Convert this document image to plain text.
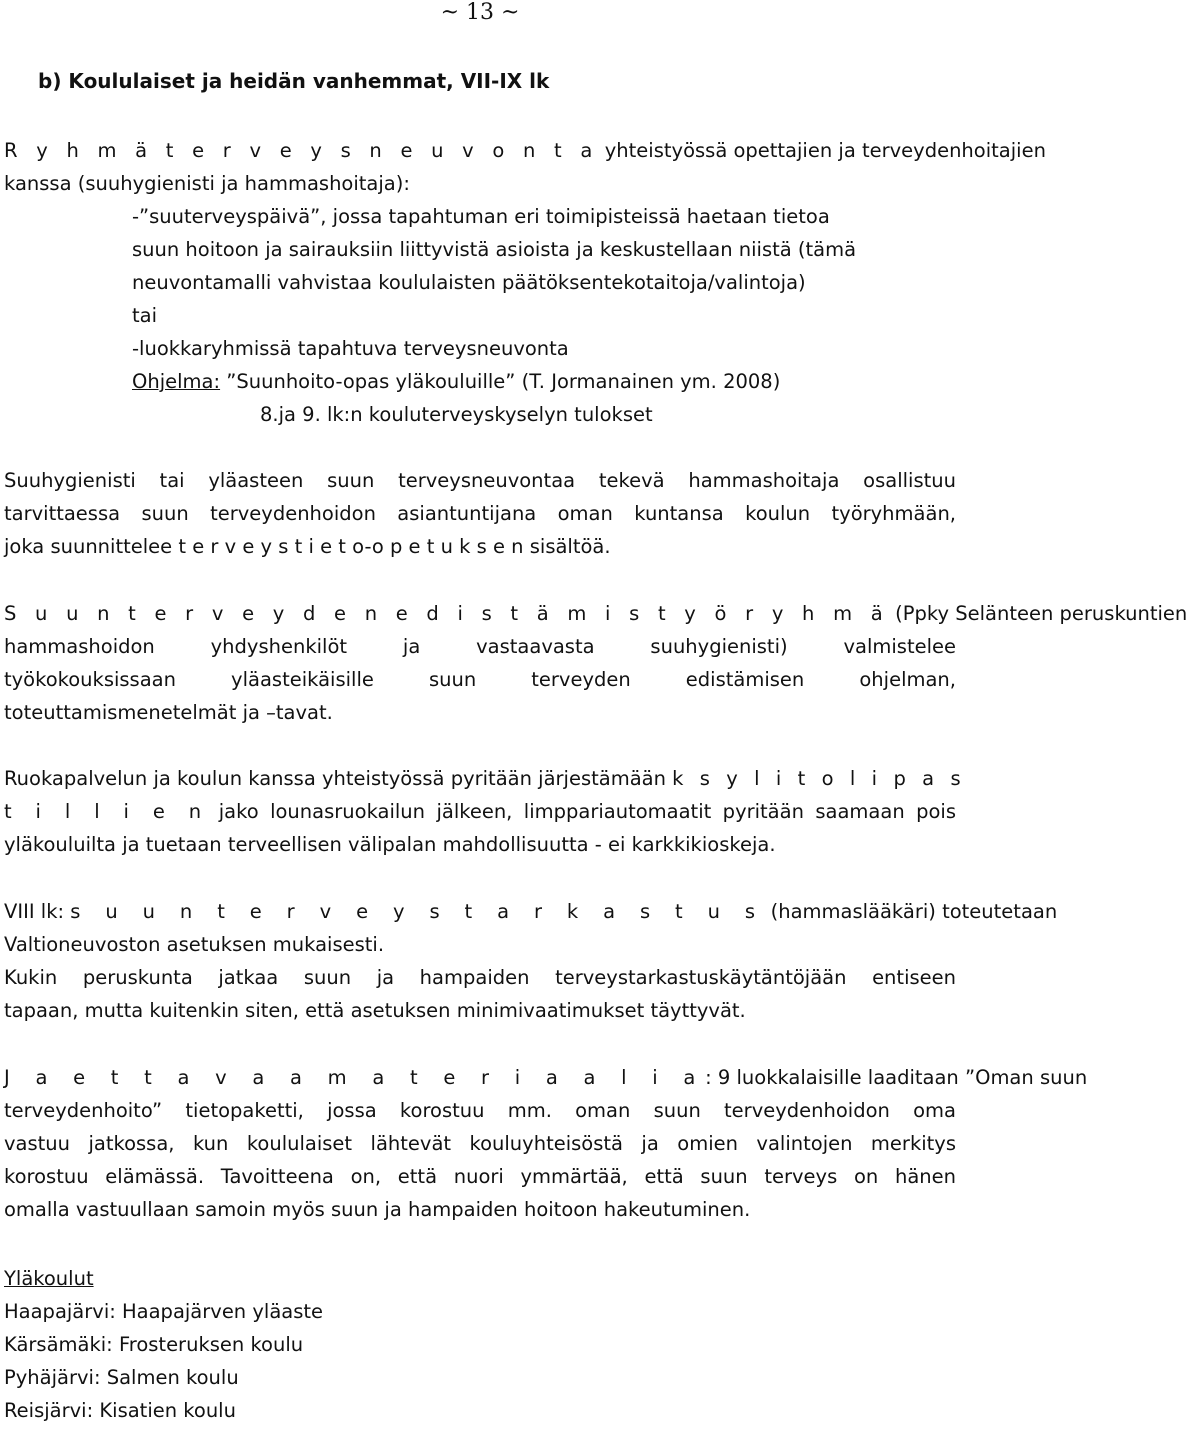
~ 13 ~
b) Koululaiset ja heidän vanhemmat, VII-IX lk
R y h m ä t e r v e y s n e u v o n t a yhteistyössä opettajien ja terveydenhoitajien
kanssa (suuhygienisti ja hammashoitaja):
-”suuterveyspäivä”, jossa tapahtuman eri toimipisteissä haetaan tietoa
suun hoitoon ja sairauksiin liittyvistä asioista ja keskustellaan niistä (tämä
neuvontamalli vahvistaa koululaisten päätöksentekotaitoja/valintoja)
tai
-luokkaryhmissä tapahtuva terveysneuvonta
Ohjelma: ”Suunhoito-opas yläkouluille” (T. Jormanainen ym. 2008)
8.ja 9. lk:n kouluterveyskyselyn tulokset
Suuhygienisti tai yläasteen suun terveysneuvontaa tekevä hammashoitaja osallistuu
tarvittaessa suun terveydenhoidon asiantuntijana oman kuntansa koulun työryhmään,
joka suunnittelee t e r v e y s t i e t o-o p e t u k s e n sisältöä.
S u u n t e r v e y d e n e d i s t ä m i s t y ö r y h m ä (Ppky Selänteen peruskuntien
hammashoidon yhdyshenkilöt ja vastaavasta suuhygienisti) valmistelee
työkokouksissaan yläasteikäisille suun terveyden edistämisen ohjelman,
toteuttamismenetelmät ja –tavat.
Ruokapalvelun ja koulun kanssa yhteistyössä pyritään järjestämään k s y l i t o l i p a s
t i l l i e n jako lounasruokailun jälkeen, limppariautomaatit pyritään saamaan pois
yläkouluilta ja tuetaan terveellisen välipalan mahdollisuutta - ei karkkikioskeja.
VIII lk: s u u n t e r v e y s t a r k a s t u s (hammaslääkäri) toteutetaan
Valtioneuvoston asetuksen mukaisesti.
Kukin peruskunta jatkaa suun ja hampaiden terveystarkastuskäytäntöjään entiseen
tapaan, mutta kuitenkin siten, että asetuksen minimivaatimukset täyttyvät.
J a e t t a v a a m a t e r i a a l i a: 9 luokkalaisille laaditaan ”Oman suun
terveydenhoito” tietopaketti, jossa korostuu mm. oman suun terveydenhoidon oma
vastuu jatkossa, kun koululaiset lähtevät kouluyhteisöstä ja omien valintojen merkitys
korostuu elämässä. Tavoitteena on, että nuori ymmärtää, että suun terveys on hänen
omalla vastuullaan samoin myös suun ja hampaiden hoitoon hakeutuminen.
Yläkoulut
Haapajärvi: Haapajärven yläaste
Kärsämäki: Frosteruksen koulu
Pyhäjärvi: Salmen koulu
Reisjärvi: Kisatien koulu
